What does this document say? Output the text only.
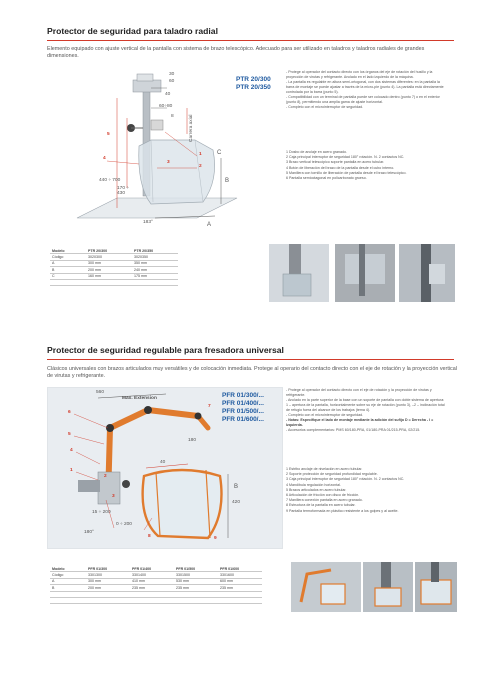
Protector de seguridad para taladro radial
Elemento equipado con ajuste vertical de la pantalla con sistema de brazo telescópico. Adecuado para ser utilizado en taladros y taladros radiales de grandes dimensiones.
30
60
40
60÷80
8
440 ÷ 700
170 ÷ 430
183°
Carrera axial
A
B
C
1
2
3
4
5
PTR 20/300
PTR 20/350
- Protege al operador del contacto directo con los órganos del eje de rotación del husillo y la proyección de virutas y refrigerante. Anclado en el lado izquierdo de la máquina.
- La pantalla es regulable en altura semi-ortogonal, con dos sistemas diferentes: en la pantalla la barra de montaje se puede ajustar a través de la micro-pie (punto 4). La pantalla está directamente controlada por la barra (punto 5).
- Compatibilidad con un terminal de pantalla puede ser colocado dentro (punto 7) o en el exterior (punto 8), permitiendo una amplia gama de ajuste horizontal.
- Completo con el microinterruptor de seguridad.
1 Dosbo de anclaje en acero granado.
2 Caja principal interruptor de seguridad 180° rotación. N. 2 contactos NC.
3 Brazo vertical telescópico soporte pantalla en acero tubular.
4 Botón de liberación del brazo de la pantalla desde el cubo interno.
5 Manillera con tornillo de liberación de pantalla desde el brazo telescópico.
6 Pantalla semioctagonal en policarbonato grueso.
Modelo	PTR 20/300	PTR 20/350
Código	3020300	3020350
A	300 mm	350 mm
B	200 mm	240 mm
C	160 mm	175 mm

Protector de seguridad regulable para fresadora universal
Clásicos universales con brazos articulados muy versátiles y de colocación inmediata. Protege al operario del contacto directo con el eje de rotación y la proyección vertical de virutas y refrigerante.
Max. Extension
560
180
40
420
15 ÷ 200
0 ÷ 200
180°
B
6
5
4
1
2
3
7
8	9
PFR 01/300/...
PFR 01/400/...
PFR 01/500/...
PFR 01/600/...
- Protege al operador del contacto directo con el eje de rotación y la proyección de virutas y refrigerante.
- Anclado en la parte superior de la base con un soporte de pantalla con doble sistema de apertura: 1 – apertura de la pantalla, horizontalmente sobre su eje de rotación (punto 3), –2 – inclinación total de refugio fuera del alcance de los trabajos (tema 4).
- Completo con el microinterruptor de seguridad.
- Notas: Especifique el lado de montaje mediante la adición del sufijo D = Derecha - I = Izquierda.
- Accesorios complementarios: PMS 60/180-PRA, 01/180-PRA 01/215-PRA, 02/215.
1 Estribo anclaje de nivelación en acero tubular.
2 Soporte protección de seguridad profundidad regulable.
3 Caja principal interruptor de seguridad 180° rotación. N. 2 contactos NC.
4 Mandíbula regulación horizontal.
5 Brazos articulados en acero tubular.
6 Articulación de fricción con disco de fricción.
7 Manillera conexión pantalla en acero granado.
8 Estructura de la pantalla en acero tubular.
9 Pantalla termoformada en plástico resistente a los golpes y al aceite.
Modelo	PFR 01/300	PFR 01/400	PFR 01/500	PFR 01/600
Código	3301300	3301400	3301500	3301600
A	300 mm	410 mm	530 mm	600 mm
B	200 mm	235 mm	235 mm	235 mm
